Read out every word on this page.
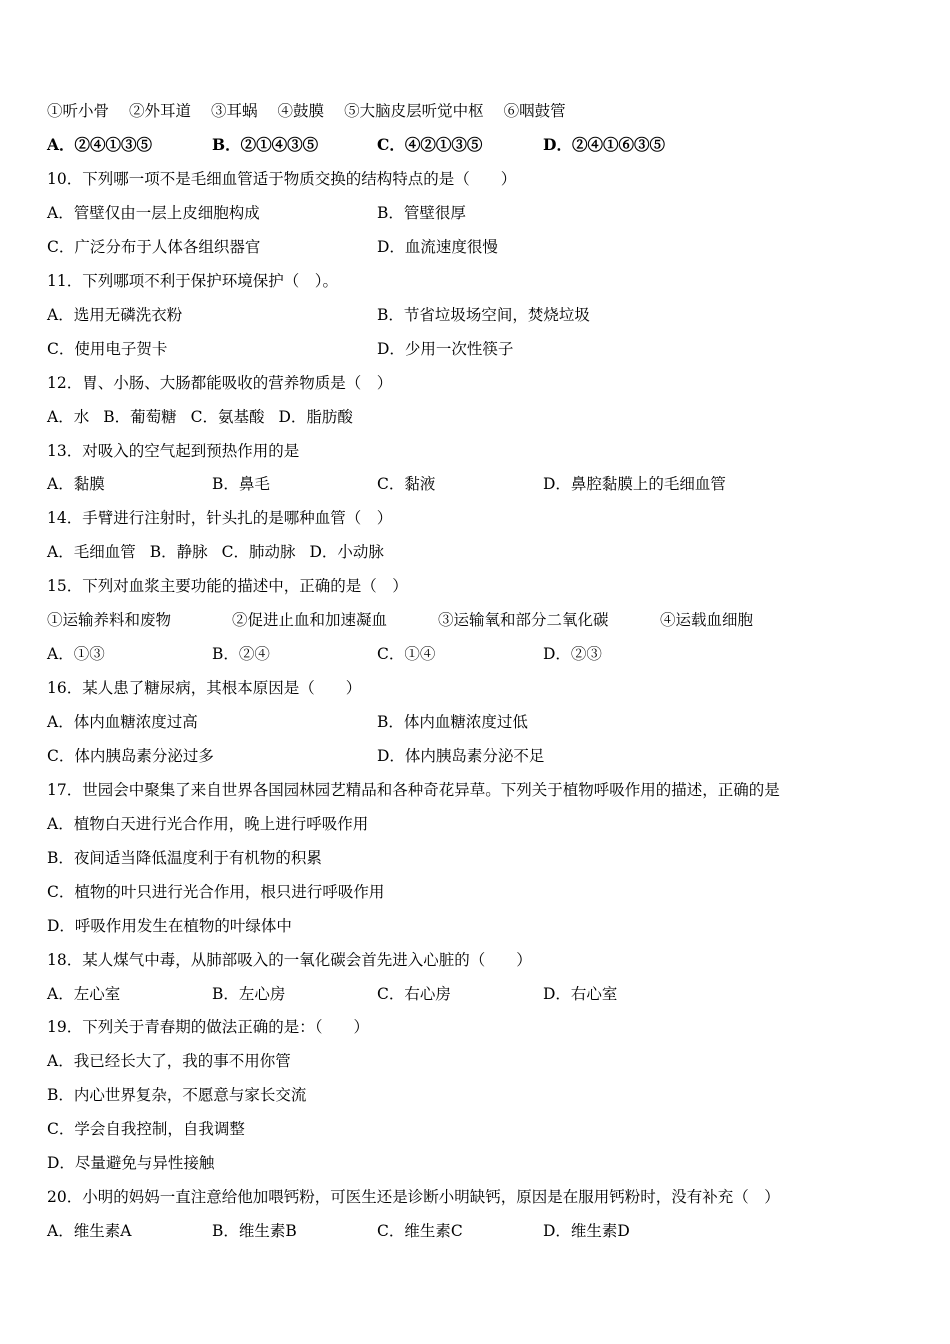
①听小骨 ②外耳道 ③耳蜗 ④鼓膜 ⑤大脑皮层听觉中枢 ⑥咽鼓管
A．②④①③⑤	B．②①④③⑤	C．④②①③⑤	D．②④①⑥③⑤
10．下列哪一项不是毛细血管适于物质交换的结构特点的是（　　）
A．管壁仅由一层上皮细胞构成	B．管壁很厚
C．广泛分布于人体各组织器官	D．血流速度很慢
11．下列哪项不利于保护环境保护（　）。
A．选用无磷洗衣粉	B．节省垃圾场空间，焚烧垃圾
C．使用电子贺卡	D．少用一次性筷子
12．胃、小肠、大肠都能吸收的营养物质是（　）
A．水 B．葡萄糖 C．氨基酸 D．脂肪酸
13．对吸入的空气起到预热作用的是
A．黏膜	B．鼻毛	C．黏液	D．鼻腔黏膜上的毛细血管
14．手臂进行注射时，针头扎的是哪种血管（　）
A．毛细血管 B．静脉 C．肺动脉 D．小动脉
15．下列对血浆主要功能的描述中，正确的是（　）
①运输养料和废物	②促进止血和加速凝血	③运输氧和部分二氧化碳	④运载血细胞
A．①③	B．②④	C．①④	D．②③
16．某人患了糖尿病，其根本原因是（　　）
A．体内血糖浓度过高	B．体内血糖浓度过低
C．体内胰岛素分泌过多	D．体内胰岛素分泌不足
17．世园会中聚集了来自世界各国园林园艺精品和各种奇花异草。下列关于植物呼吸作用的描述，正确的是
A．植物白天进行光合作用，晚上进行呼吸作用
B．夜间适当降低温度利于有机物的积累
C．植物的叶只进行光合作用，根只进行呼吸作用
D．呼吸作用发生在植物的叶绿体中
18．某人煤气中毒，从肺部吸入的一氧化碳会首先进入心脏的（　　）
A．左心室	B．左心房	C．右心房	D．右心室
19．下列关于青春期的做法正确的是：（　　）
A．我已经长大了，我的事不用你管
B．内心世界复杂，不愿意与家长交流
C．学会自我控制，自我调整
D．尽量避免与异性接触
20．小明的妈妈一直注意给他加喂钙粉，可医生还是诊断小明缺钙，原因是在服用钙粉时，没有补充（　）
A．维生素A	B．维生素B	C．维生素C	D．维生素D
